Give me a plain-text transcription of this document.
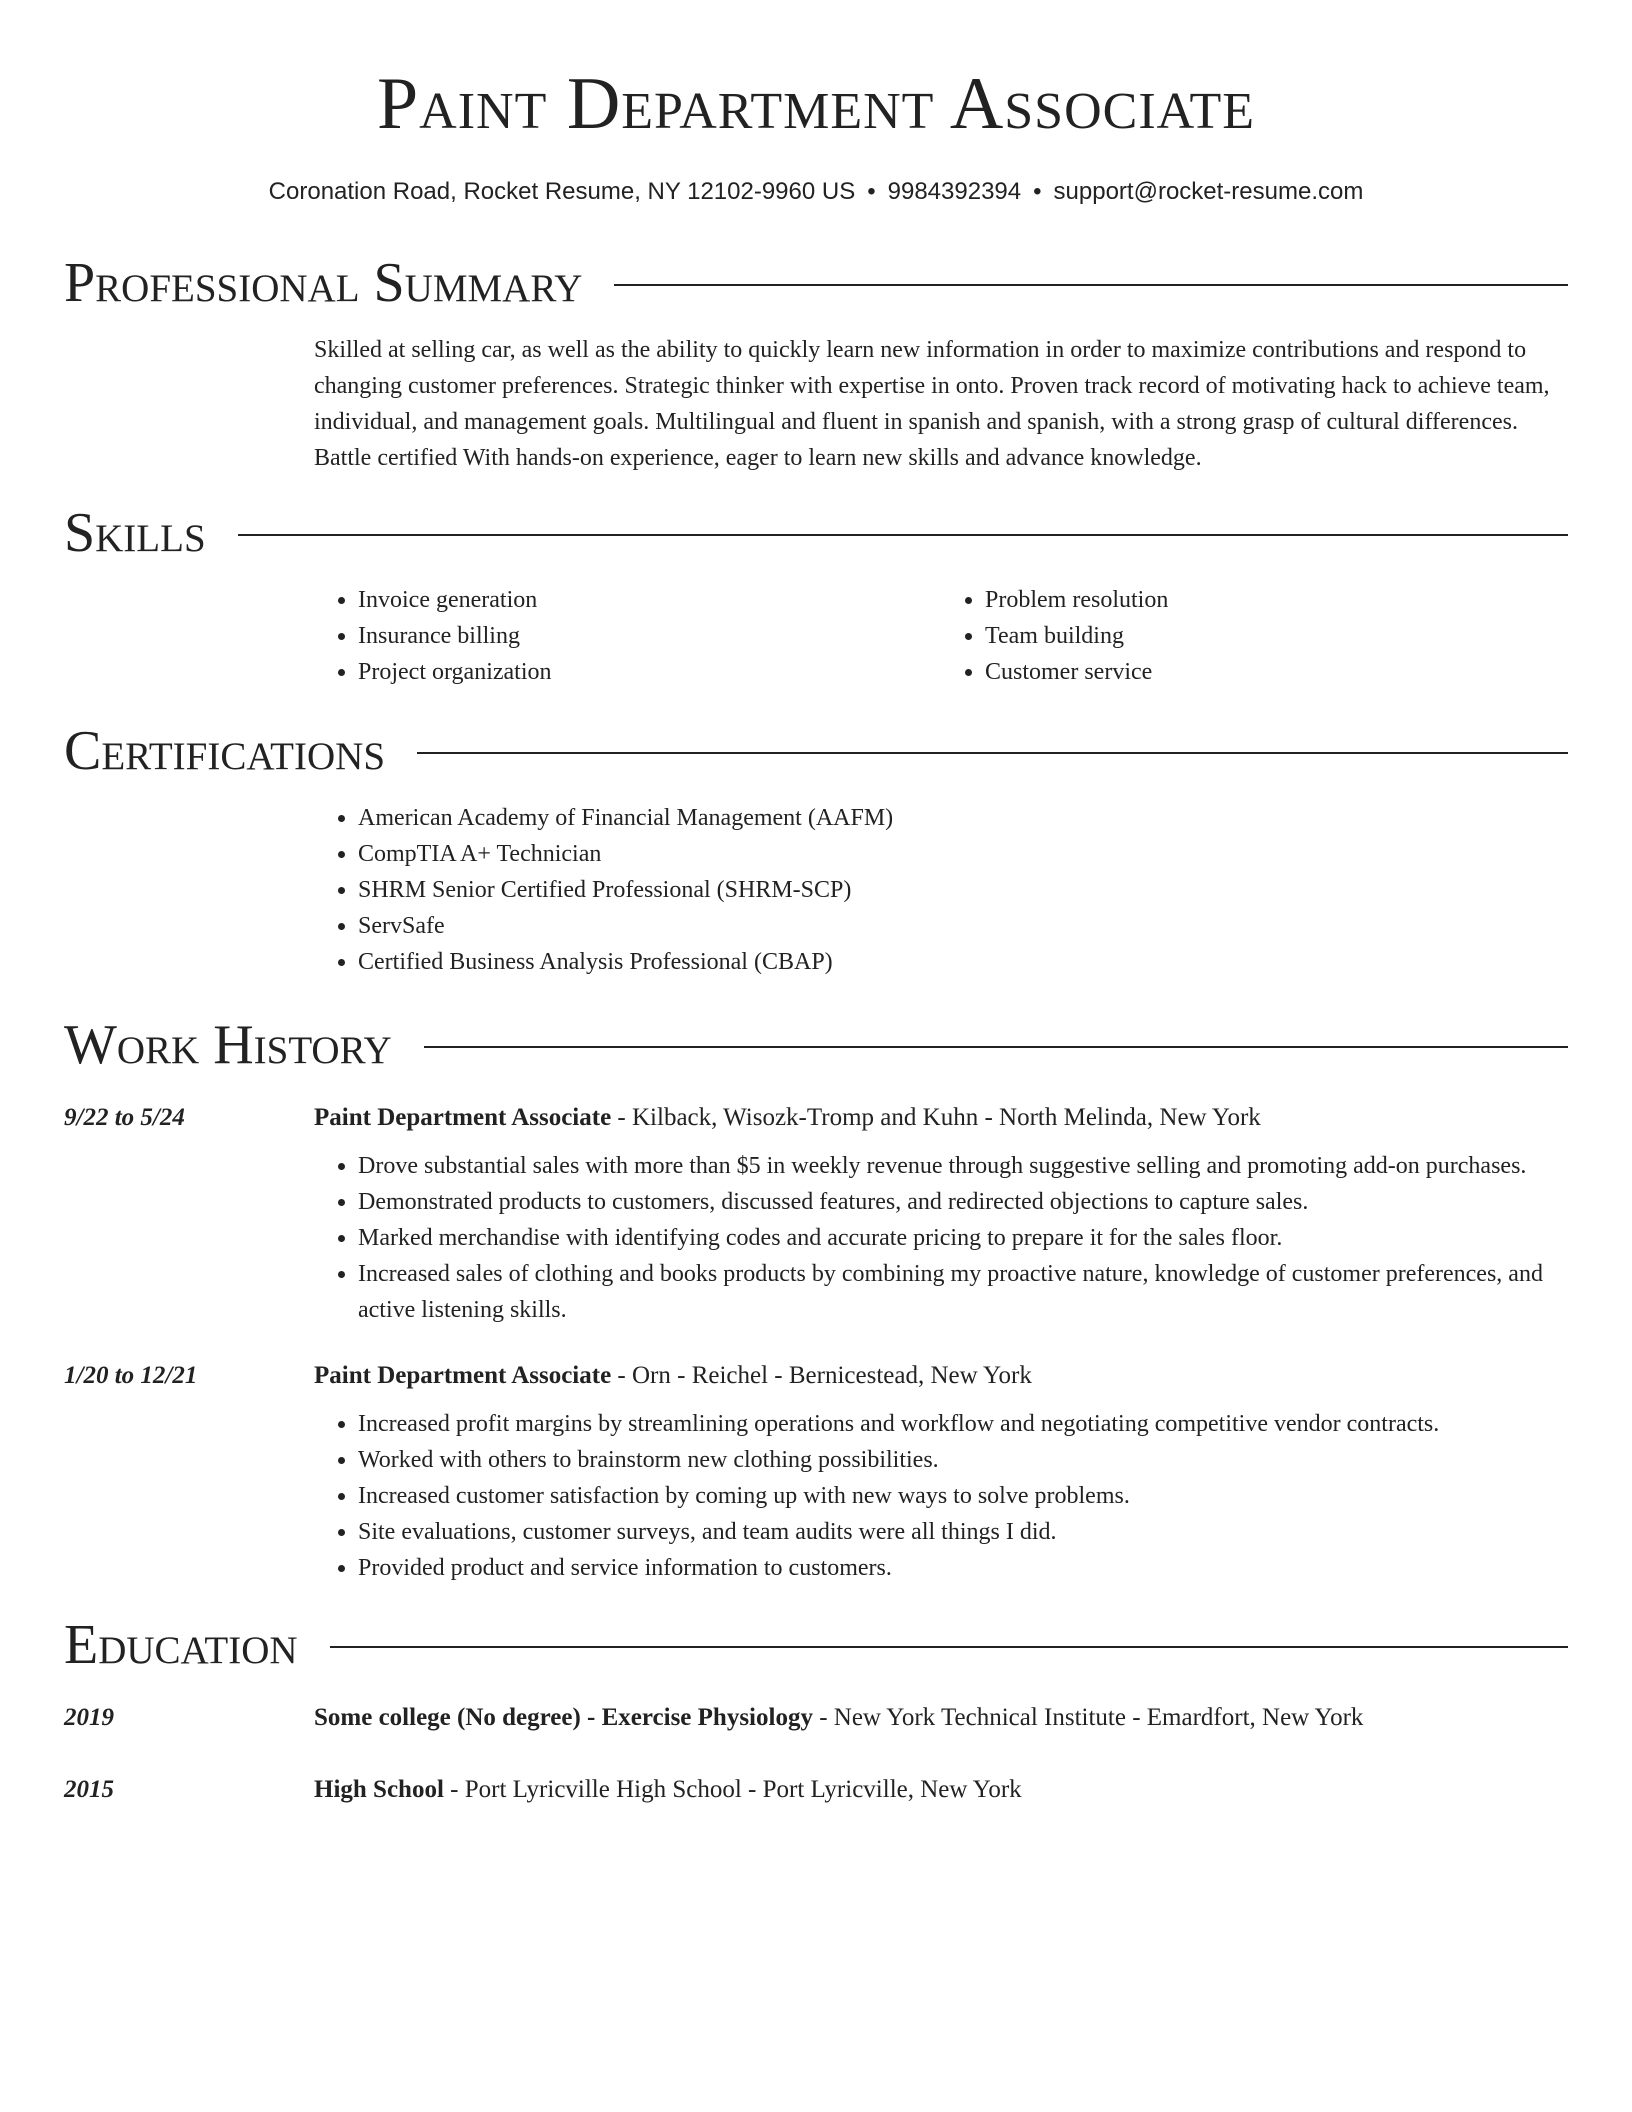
Paint Department Associate
Coronation Road, Rocket Resume, NY 12102-9960 US • 9984392394 • support@rocket-resume.com
Professional Summary
Skilled at selling car, as well as the ability to quickly learn new information in order to maximize contributions and respond to changing customer preferences. Strategic thinker with expertise in onto. Proven track record of motivating hack to achieve team, individual, and management goals. Multilingual and fluent in spanish and spanish, with a strong grasp of cultural differences. Battle certified With hands-on experience, eager to learn new skills and advance knowledge.
Skills
• Invoice generation
• Insurance billing
• Project organization
• Problem resolution
• Team building
• Customer service
Certifications
• American Academy of Financial Management (AAFM)
• CompTIA A+ Technician
• SHRM Senior Certified Professional (SHRM-SCP)
• ServSafe
• Certified Business Analysis Professional (CBAP)
Work History
9/22 to 5/24	Paint Department Associate - Kilback, Wisozk-Tromp and Kuhn - North Melinda, New York
• Drove substantial sales with more than $5 in weekly revenue through suggestive selling and promoting add-on purchases.
• Demonstrated products to customers, discussed features, and redirected objections to capture sales.
• Marked merchandise with identifying codes and accurate pricing to prepare it for the sales floor.
• Increased sales of clothing and books products by combining my proactive nature, knowledge of customer preferences, and active listening skills.
1/20 to 12/21	Paint Department Associate - Orn - Reichel - Bernicestead, New York
• Increased profit margins by streamlining operations and workflow and negotiating competitive vendor contracts.
• Worked with others to brainstorm new clothing possibilities.
• Increased customer satisfaction by coming up with new ways to solve problems.
• Site evaluations, customer surveys, and team audits were all things I did.
• Provided product and service information to customers.
Education
2019	Some college (No degree) - Exercise Physiology - New York Technical Institute - Emardfort, New York
2015	High School - Port Lyricville High School - Port Lyricville, New York
